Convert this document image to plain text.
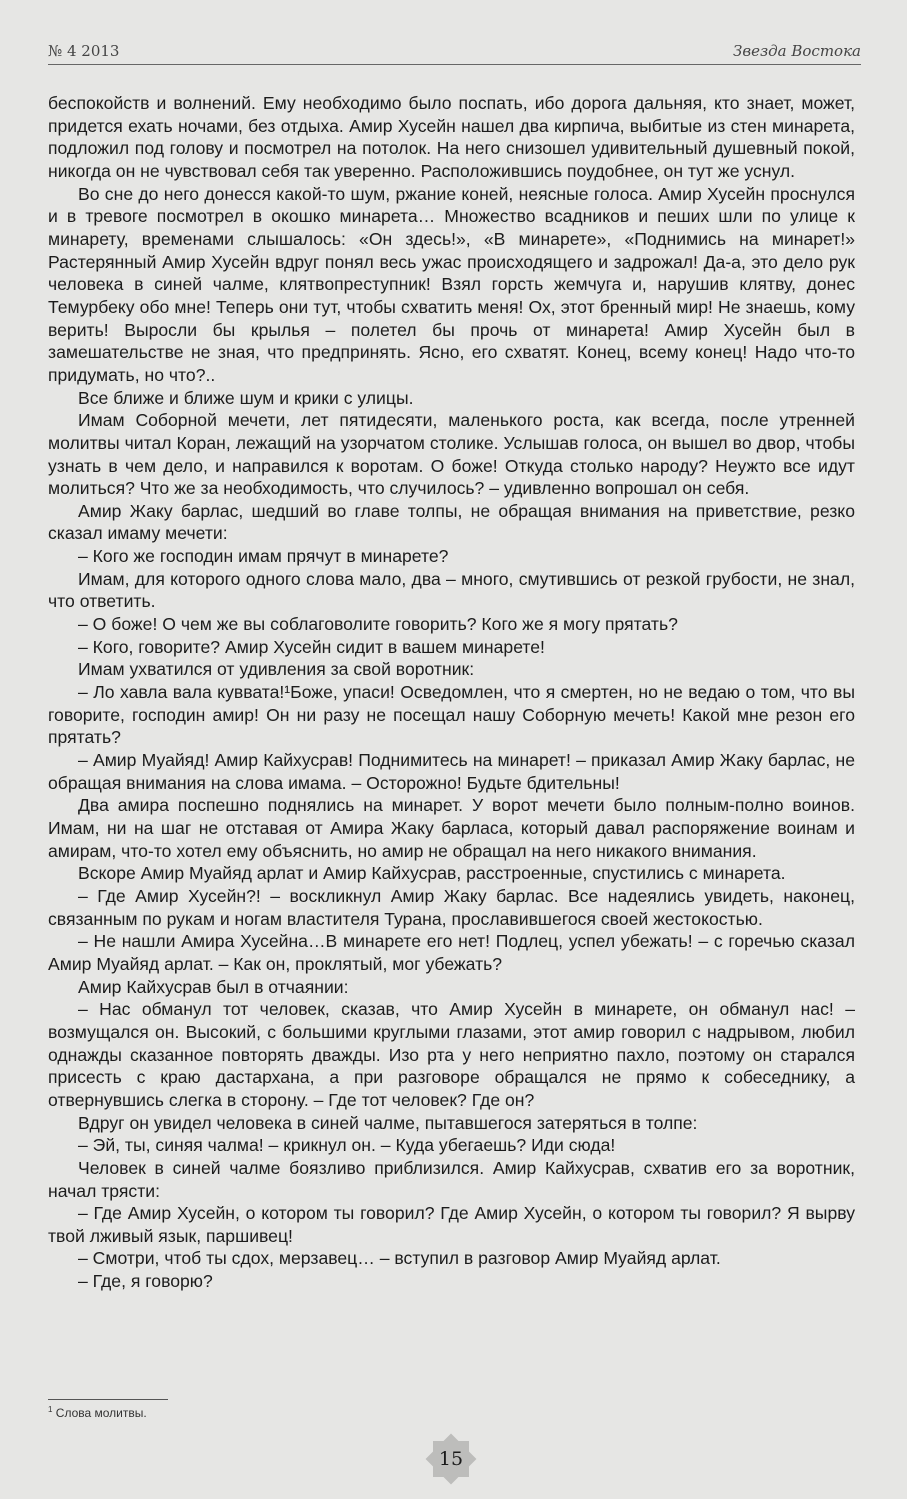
№ 4 2013	Звезда Востока

беспокойств и волнений. Ему необходимо было поспать, ибо дорога дальняя, кто знает, может, придется ехать ночами, без отдыха. Амир Хусейн нашел два кирпича, выбитые из стен минарета, подложил под голову и посмотрел на потолок. На него снизошел удивительный душевный покой, никогда он не чувствовал себя так уверенно. Расположившись поудобнее, он тут же уснул.

Во сне до него донесся какой-то шум, ржание коней, неясные голоса. Амир Хусейн проснулся и в тревоге посмотрел в окошко минарета… Множество всадников и пеших шли по улице к минарету, временами слышалось: «Он здесь!», «В минарете», «Поднимись на минарет!» Растерянный Амир Хусейн вдруг понял весь ужас происходящего и задрожал! Да-а, это дело рук человека в синей чалме, клятвопреступник! Взял горсть жемчуга и, нарушив клятву, донес Темурбеку обо мне! Теперь они тут, чтобы схватить меня! Ох, этот бренный мир! Не знаешь, кому верить! Выросли бы крылья – полетел бы прочь от минарета! Амир Хусейн был в замешательстве не зная, что предпринять. Ясно, его схватят. Конец, всему конец! Надо что-то придумать, но что?..

Все ближе и ближе шум и крики с улицы.

Имам Соборной мечети, лет пятидесяти, маленького роста, как всегда, после утренней молитвы читал Коран, лежащий на узорчатом столике. Услышав голоса, он вышел во двор, чтобы узнать в чем дело, и направился к воротам. О боже! Откуда столько народу? Неужто все идут молиться? Что же за необходимость, что случилось? – удивленно вопрошал он себя.

Амир Жаку барлас, шедший во главе толпы, не обращая внимания на приветствие, резко сказал имаму мечети:

– Кого же господин имам прячут в минарете?

Имам, для которого одного слова мало, два – много, смутившись от резкой грубости, не знал, что ответить.

– О боже! О чем же вы соблаговолите говорить? Кого же я могу прятать?

– Кого, говорите? Амир Хусейн сидит в вашем минарете!

Имам ухватился от удивления за свой воротник:

– Ло хавла вала куввата!¹Боже, упаси! Осведомлен, что я смертен, но не ведаю о том, что вы говорите, господин амир! Он ни разу не посещал нашу Соборную мечеть! Какой мне резон его прятать?

– Амир Муайяд! Амир Кайхусрав! Поднимитесь на минарет! – приказал Амир Жаку барлас, не обращая внимания на слова имама. – Осторожно! Будьте бдительны!

Два амира поспешно поднялись на минарет. У ворот мечети было полным-полно воинов. Имам, ни на шаг не отставая от Амира Жаку барласа, который давал распоряжение воинам и амирам, что-то хотел ему объяснить, но амир не обращал на него никакого внимания.

Вскоре Амир Муайяд арлат и Амир Кайхусрав, расстроенные, спустились с минарета.

– Где Амир Хусейн?! – воскликнул Амир Жаку барлас. Все надеялись увидеть, наконец, связанным по рукам и ногам властителя Турана, прославившегося своей жестокостью.

– Не нашли Амира Хусейна…В минарете его нет! Подлец, успел убежать! – с горечью сказал Амир Муайяд арлат. – Как он, проклятый, мог убежать?

Амир Кайхусрав был в отчаянии:

– Нас обманул тот человек, сказав, что Амир Хусейн в минарете, он обманул нас! – возмущался он. Высокий, с большими круглыми глазами, этот амир говорил с надрывом, любил однажды сказанное повторять дважды. Изо рта у него неприятно пахло, поэтому он старался присесть с краю дастархана, а при разговоре обращался не прямо к собеседнику, а отвернувшись слегка в сторону. – Где тот человек? Где он?

Вдруг он увидел человека в синей чалме, пытавшегося затеряться в толпе:

– Эй, ты, синяя чалма! – крикнул он. – Куда убегаешь? Иди сюда!

Человек в синей чалме боязливо приблизился. Амир Кайхусрав, схватив его за воротник, начал трясти:

– Где Амир Хусейн, о котором ты говорил? Где Амир Хусейн, о котором ты говорил? Я вырву твой лживый язык, паршивец!

– Смотри, чтоб ты сдох, мерзавец… – вступил в разговор Амир Муайяд арлат.

– Где, я говорю?

$^1$ Слова молитвы.
15
